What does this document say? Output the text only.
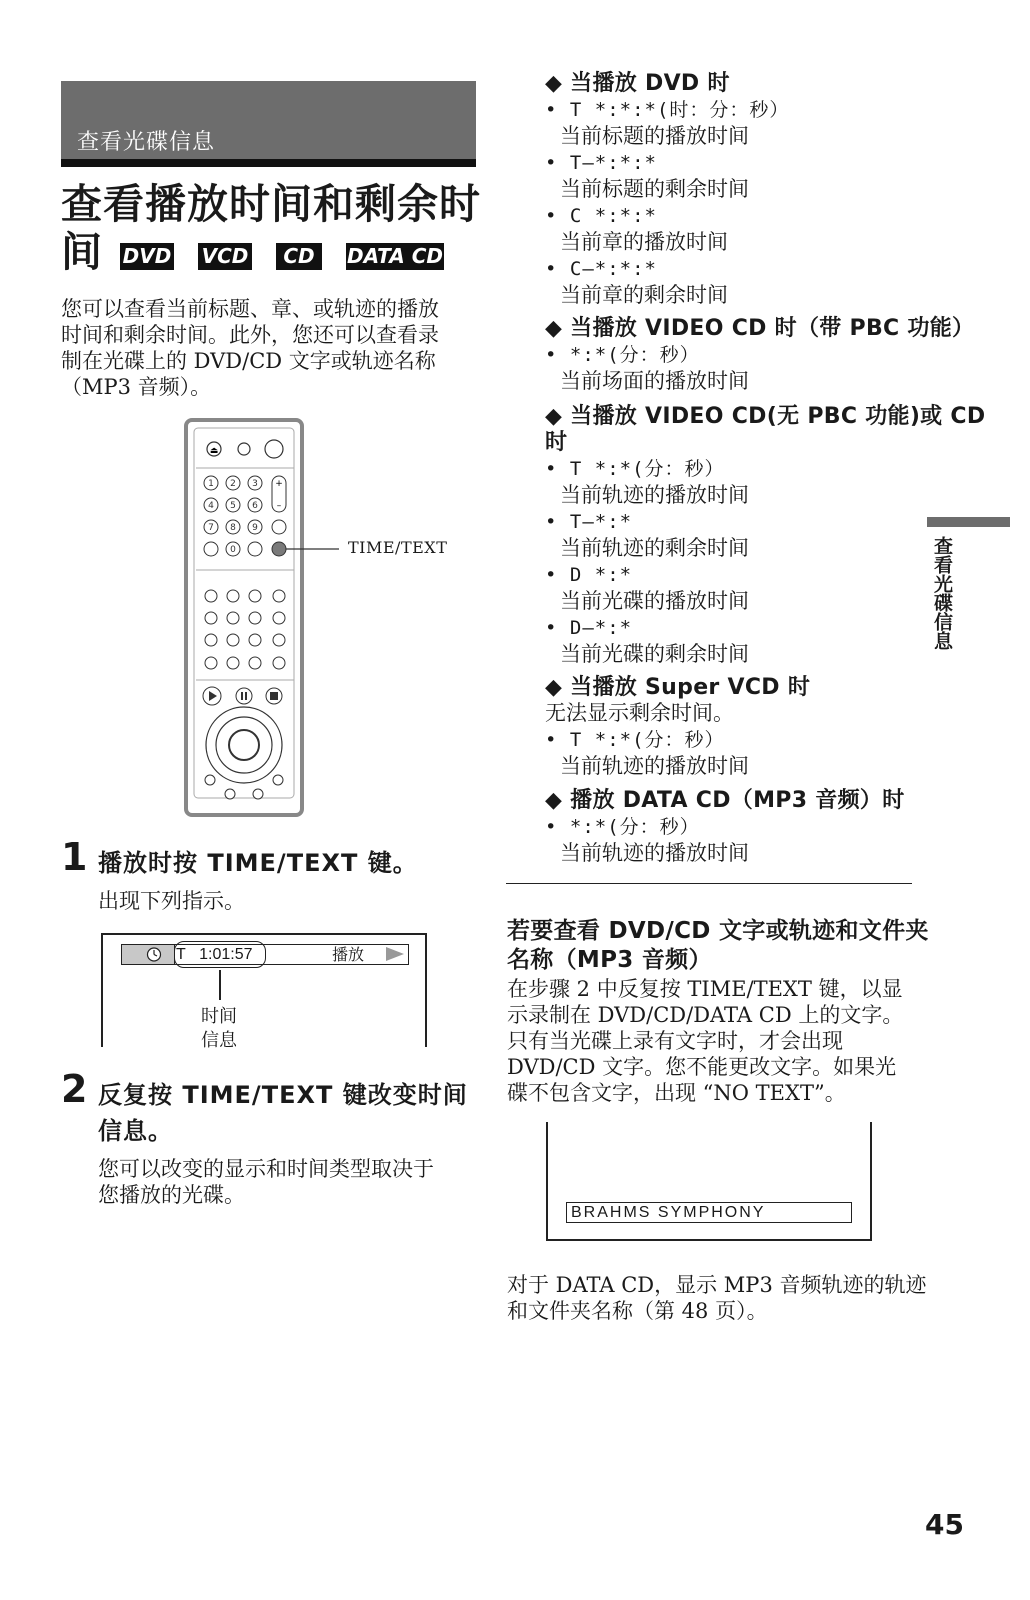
查看光碟信息
查看播放时间和剩余时
间 DVD VCD	CD	DATA CD
您可以查看当前标题、章、或轨迹的播放
时间和剩余时间。此外，您还可以查看录
制在光碟上的 DVD/CD 文字或轨迹名称
（MP3 音频）。
⏏
1 2 3
4 5 6
7 8 9
0
+
–
TIME/TEXT
1 播放时按 TIME/TEXT 键。
出现下列指示。
T 1:01:57	播放
时间
信息
2 反复按 TIME/TEXT 键改变时间
信息。
您可以改变的显示和时间类型取决于
您播放的光碟。
◆ 当播放 DVD 时
• T *:*:*(时：分：秒）
当前标题的播放时间
• T–*:*:*
当前标题的剩余时间
• C *:*:*
当前章的播放时间
• C–*:*:*
当前章的剩余时间
◆ 当播放 VIDEO CD 时（带 PBC 功能）
• *:*(分：秒）
当前场面的播放时间
◆ 当播放 VIDEO CD(无 PBC 功能)或 CD
时
• T *:*(分：秒）
当前轨迹的播放时间
• T–*:*
当前轨迹的剩余时间
• D *:*
当前光碟的播放时间
• D–*:*
当前光碟的剩余时间
◆ 当播放 Super VCD 时
无法显示剩余时间。
• T *:*(分：秒）
当前轨迹的播放时间
◆ 播放 DATA CD（MP3 音频）时
• *:*(分：秒）
当前轨迹的播放时间
若要查看 DVD/CD 文字或轨迹和文件夹
名称（MP3 音频）
在步骤 2 中反复按 TIME/TEXT 键，以显
示录制在 DVD/CD/DATA CD 上的文字。
只有当光碟上录有文字时，才会出现
DVD/CD 文字。您不能更改文字。如果光
碟不包含文字，出现 “NO TEXT”。
BRAHMS SYMPHONY
对于 DATA CD，显示 MP3 音频轨迹的轨迹
和文件夹名称（第 48 页）。
查看光碟信息
45
